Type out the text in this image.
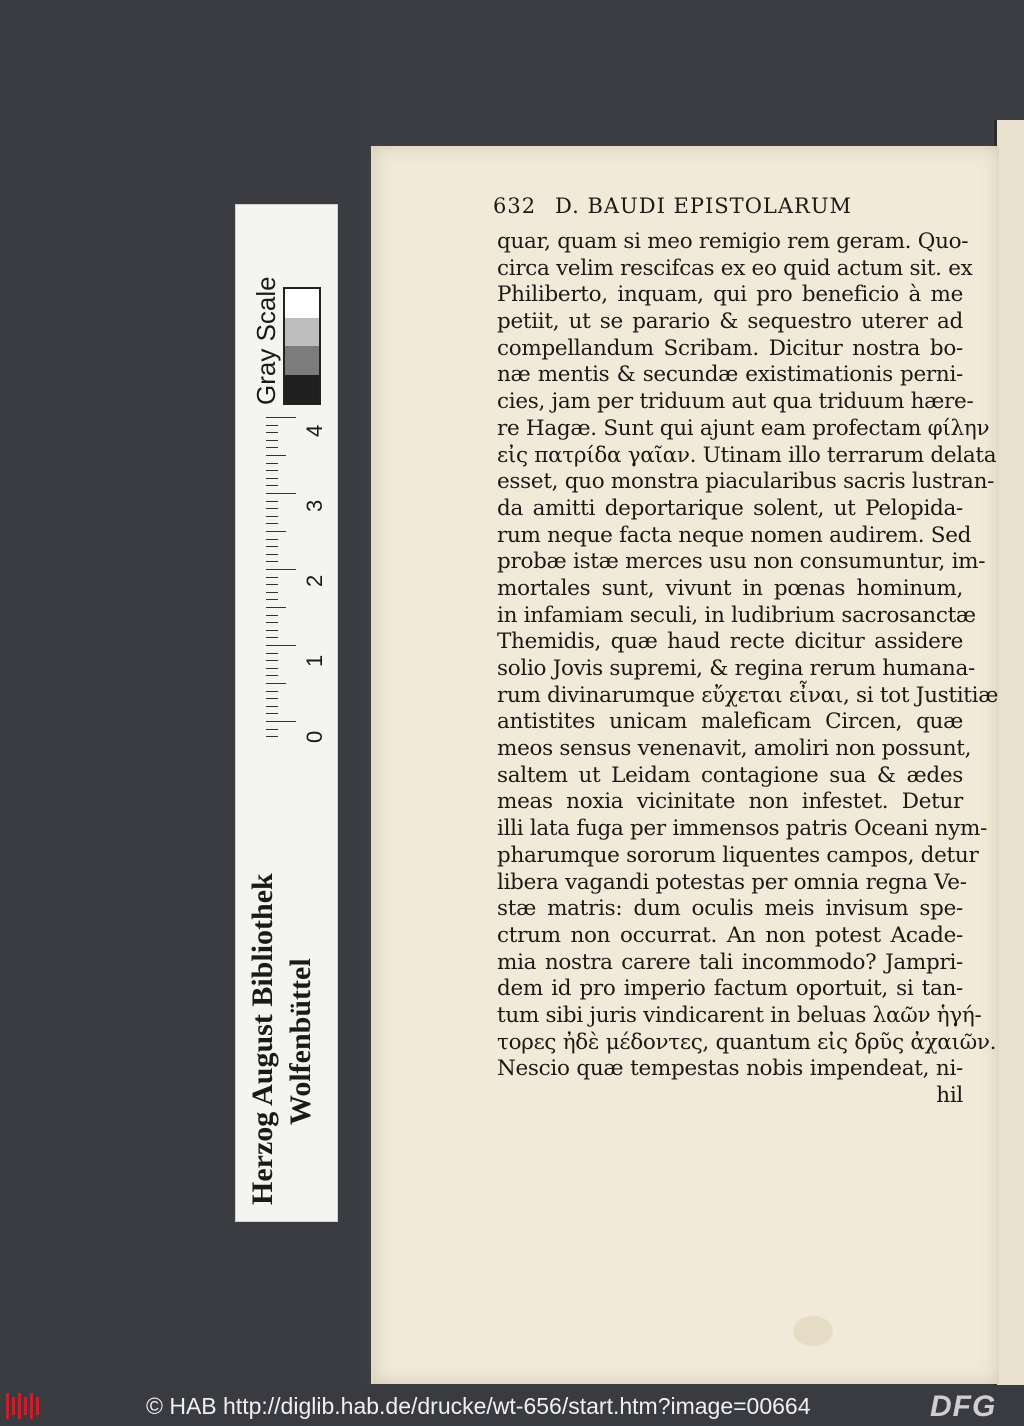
Gray Scale
4
3
2
1
0
Herzog August Bibliothek Wolfenbüttel
632 D. BAUDI EPISTOLARUM
quar, quam si meo remigio rem geram. Quo-
circa velim rescifcas ex eo quid actum sit. ex
Philiberto, inquam, qui pro beneficio à me
petiit, ut se parario & sequestro uterer ad
compellandum Scribam. Dicitur nostra bo-
næ mentis & secundæ existimationis perni-
cies, jam per triduum aut qua triduum hære-
re Hagæ. Sunt qui ajunt eam profectam φίλην
εἰς πατρίδα γαῖαν. Utinam illo terrarum delata
esset, quo monstra piacularibus sacris lustran-
da amitti deportarique solent, ut Pelopida-
rum neque facta neque nomen audirem. Sed
probæ istæ merces usu non consumuntur, im-
mortales sunt, vivunt in pœnas hominum,
in infamiam seculi, in ludibrium sacrosanctæ
Themidis, quæ haud recte dicitur assidere
solio Jovis supremi, & regina rerum humana-
rum divinarumque εὔχεται εἶναι, si tot Justitiæ
antistites unicam maleficam Circen, quæ
meos sensus venenavit, amoliri non possunt,
saltem ut Leidam contagione sua & ædes
meas noxia vicinitate non infestet. Detur
illi lata fuga per immensos patris Oceani nym-
pharumque sororum liquentes campos, detur
libera vagandi potestas per omnia regna Ve-
stæ matris: dum oculis meis invisum spe-
ctrum non occurrat. An non potest Acade-
mia nostra carere tali incommodo? Jampri-
dem id pro imperio factum oportuit, si tan-
tum sibi juris vindicarent in beluas λαῶν ἡγή-
τορες ἠδὲ μέδοντες, quantum εἰς δρῦς ἀχαιῶν.
Nescio quæ tempestas nobis impendeat, ni-
hil
© HAB http://diglib.hab.de/drucke/wt-656/start.htm?image=00664	DFG
